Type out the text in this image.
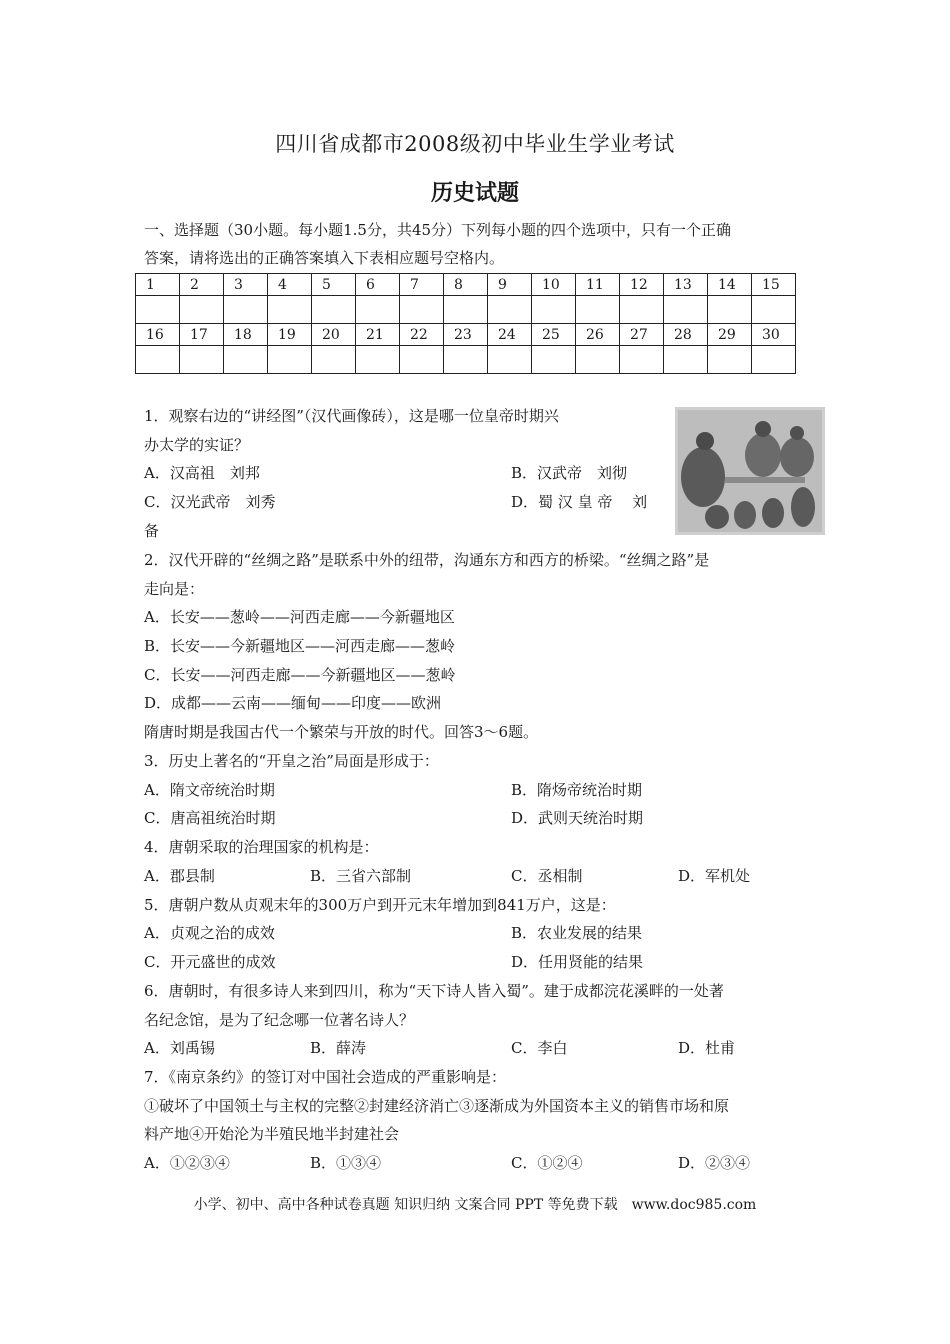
四川省成都市2008级初中毕业生学业考试
历史试题
一、选择题（30小题。每小题1.5分，共45分）下列每小题的四个选项中，只有一个正确
答案，请将选出的正确答案填入下表相应题号空格内。
1	2	3	4	5	6	7	8	9	10	11	12	13	14	15

16	17	18	19	20	21	22	23	24	25	26	27	28	29	30

1．观察右边的“讲经图”（汉代画像砖），这是哪一位皇帝时期兴
办太学的实证？
A．汉高祖　刘邦	B．汉武帝　刘彻
C．汉光武帝　刘秀	D．蜀 汉 皇 帝　 刘
备
2．汉代开辟的“丝绸之路”是联系中外的纽带，沟通东方和西方的桥梁。“丝绸之路”是
走向是：
A．长安——葱岭——河西走廊——今新疆地区
B．长安——今新疆地区——河西走廊——葱岭
C．长安——河西走廊——今新疆地区——葱岭
D．成都——云南——缅甸——印度——欧洲
隋唐时期是我国古代一个繁荣与开放的时代。回答3～6题。
3．历史上著名的“开皇之治”局面是形成于：
A．隋文帝统治时期	B．隋炀帝统治时期
C．唐高祖统治时期	D．武则天统治时期
4．唐朝采取的治理国家的机构是：
A．郡县制	B．三省六部制	C．丞相制	D．军机处
5．唐朝户数从贞观末年的300万户到开元末年增加到841万户，这是：
A．贞观之治的成效	B．农业发展的结果
C．开元盛世的成效	D．任用贤能的结果
6．唐朝时，有很多诗人来到四川，称为“天下诗人皆入蜀”。建于成都浣花溪畔的一处著
名纪念馆，是为了纪念哪一位著名诗人？
A．刘禹锡	B．薛涛	C．李白	D．杜甫
7．《南京条约》的签订对中国社会造成的严重影响是：
①破坏了中国领土与主权的完整②封建经济消亡③逐渐成为外国资本主义的销售市场和原
料产地④开始沦为半殖民地半封建社会
A．①②③④	B．①③④	C．①②④	D．②③④
小学、初中、高中各种试卷真题 知识归纳 文案合同 PPT 等免费下载　www.doc985.com
